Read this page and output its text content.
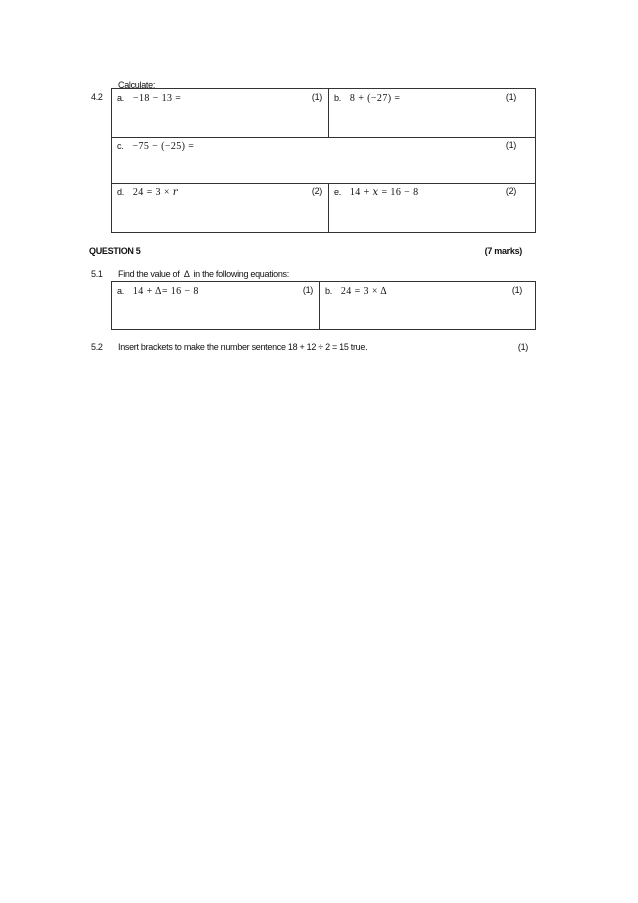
Calculate:
4.2 a. −18 − 13 =	(1) b. 8 + (−27) =	(1)
c. −75 − (−25) =	(1)
d. 24 = 3 × 𝑟	(2) e. 14 + 𝑥 = 16 − 8	(2)
QUESTION 5	(7 marks)
5.1 Find the value of  Δ  in the following equations:
a. 14 + Δ= 16 − 8	(1) b. 24 = 3 × Δ	(1)
5.2 Insert brackets to make the number sentence 18 + 12 ÷ 2 = 15 true.	(1)
